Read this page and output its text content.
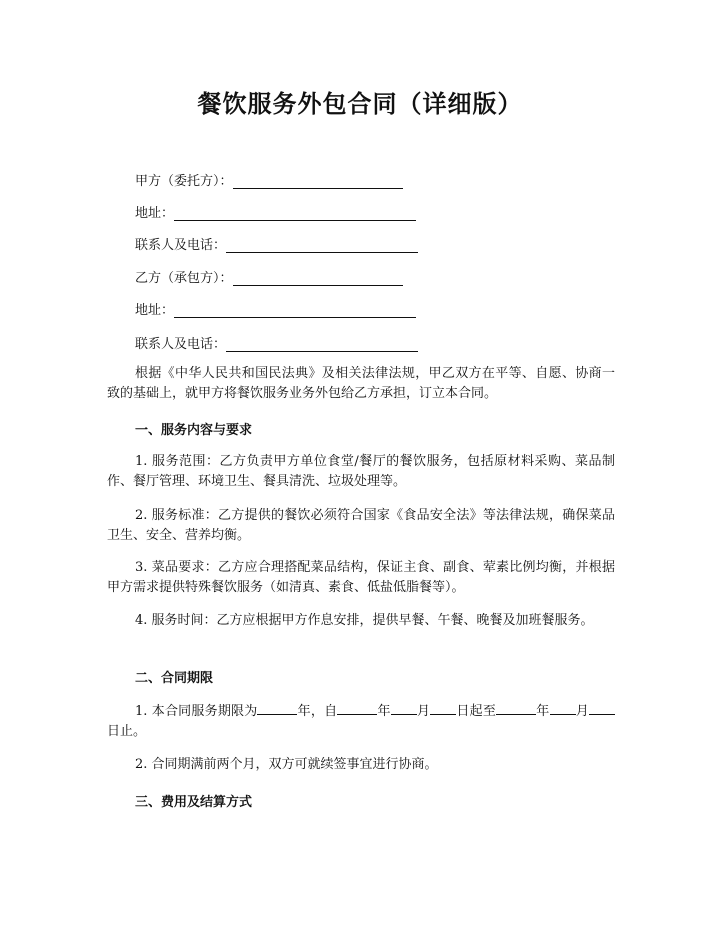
餐饮服务外包合同（详细版）
甲方（委托方）：
地址：
联系人及电话：
乙方（承包方）：
地址：
联系人及电话：
根据《中华人民共和国民法典》及相关法律法规，甲乙双方在平等、自愿、协商一致的基础上，就甲方将餐饮服务业务外包给乙方承担，订立本合同。
一、服务内容与要求
1. 服务范围：乙方负责甲方单位食堂/餐厅的餐饮服务，包括原材料采购、菜品制作、餐厅管理、环境卫生、餐具清洗、垃圾处理等。
2. 服务标准：乙方提供的餐饮必须符合国家《食品安全法》等法律法规，确保菜品卫生、安全、营养均衡。
3. 菜品要求：乙方应合理搭配菜品结构，保证主食、副食、荤素比例均衡，并根据甲方需求提供特殊餐饮服务（如清真、素食、低盐低脂餐等）。
4. 服务时间：乙方应根据甲方作息安排，提供早餐、午餐、晚餐及加班餐服务。
二、合同期限
1. 本合同服务期限为	年，自	年 月 日起至	年 月日止。
2. 合同期满前两个月，双方可就续签事宜进行协商。
三、费用及结算方式
